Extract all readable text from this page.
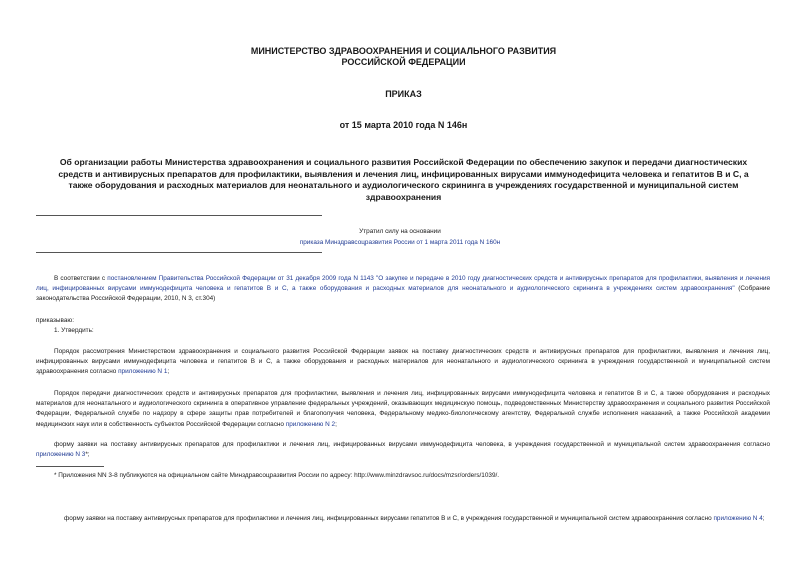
МИНИСТЕРСТВО ЗДРАВООХРАНЕНИЯ И СОЦИАЛЬНОГО РАЗВИТИЯ
РОССИЙСКОЙ ФЕДЕРАЦИИ
ПРИКАЗ
от 15 марта 2010 года N 146н
Об организации работы Министерства здравоохранения и социального развития Российской Федерации по обеспечению закупок и передачи диагностических
средств и антивирусных препаратов для профилактики, выявления и лечения лиц, инфицированных вирусами иммунодефицита человека и гепатитов В и С, а
также оборудования и расходных материалов для неонатального и аудиологического скрининга в учреждениях государственной и муниципальной систем
здравоохранения
Утратил силу на основании
приказа Минздравсоцразвития России от 1 марта 2011 года N 160н
В соответствии с постановлением Правительства Российской Федерации от 31 декабря 2009 года N 1143 "О закупке и передаче в 2010 году диагностических средств и антивирусных препаратов для профилактики, выявления и лечения лиц, инфицированных вирусами иммунодефицита человека и гепатитов В и С, а также оборудования и расходных материалов для неонатального и аудиологического скрининга в учреждениях систем здравоохранения" (Собрание законодательства Российской Федерации, 2010, N 3, ст.304)
приказываю:
1. Утвердить:
Порядок рассмотрения Министерством здравоохранения и социального развития Российской Федерации заявок на поставку диагностических средств и антивирусных препаратов для профилактики, выявления и лечения лиц, инфицированных вирусами иммунодефицита человека и гепатитов В и С, а также оборудования и расходных материалов для неонатального и аудиологического скрининга в учреждения государственной и муниципальной систем здравоохранения согласно приложению N 1;
Порядок передачи диагностических средств и антивирусных препаратов для профилактики, выявления и лечения лиц, инфицированных вирусами иммунодефицита человека и гепатитов В и С, а также оборудования и расходных материалов для неонатального и аудиологического скрининга в оперативное управление федеральных учреждений, оказывающих медицинскую помощь, подведомственных Министерству здравоохранения и социального развития Российской Федерации, Федеральной службе по надзору в сфере защиты прав потребителей и благополучия человека, Федеральному медико-биологическому агентству, Федеральной службе исполнения наказаний, а также Российской академии медицинских наук или в собственность субъектов Российской Федерации согласно приложению N 2;
форму заявки на поставку антивирусных препаратов для профилактики и лечения лиц, инфицированных вирусами иммунодефицита человека, в учреждения государственной и муниципальной систем здравоохранения согласно приложению N 3*;
* Приложения NN 3-8 публикуются на официальном сайте Минздравсоцразвития России по адресу: http://www.minzdravsoc.ru/docs/mzsr/orders/1039/.
форму заявки на поставку антивирусных препаратов для профилактики и лечения лиц, инфицированных вирусами гепатитов В и С, в учреждения государственной и муниципальной систем здравоохранения согласно приложению N 4;
